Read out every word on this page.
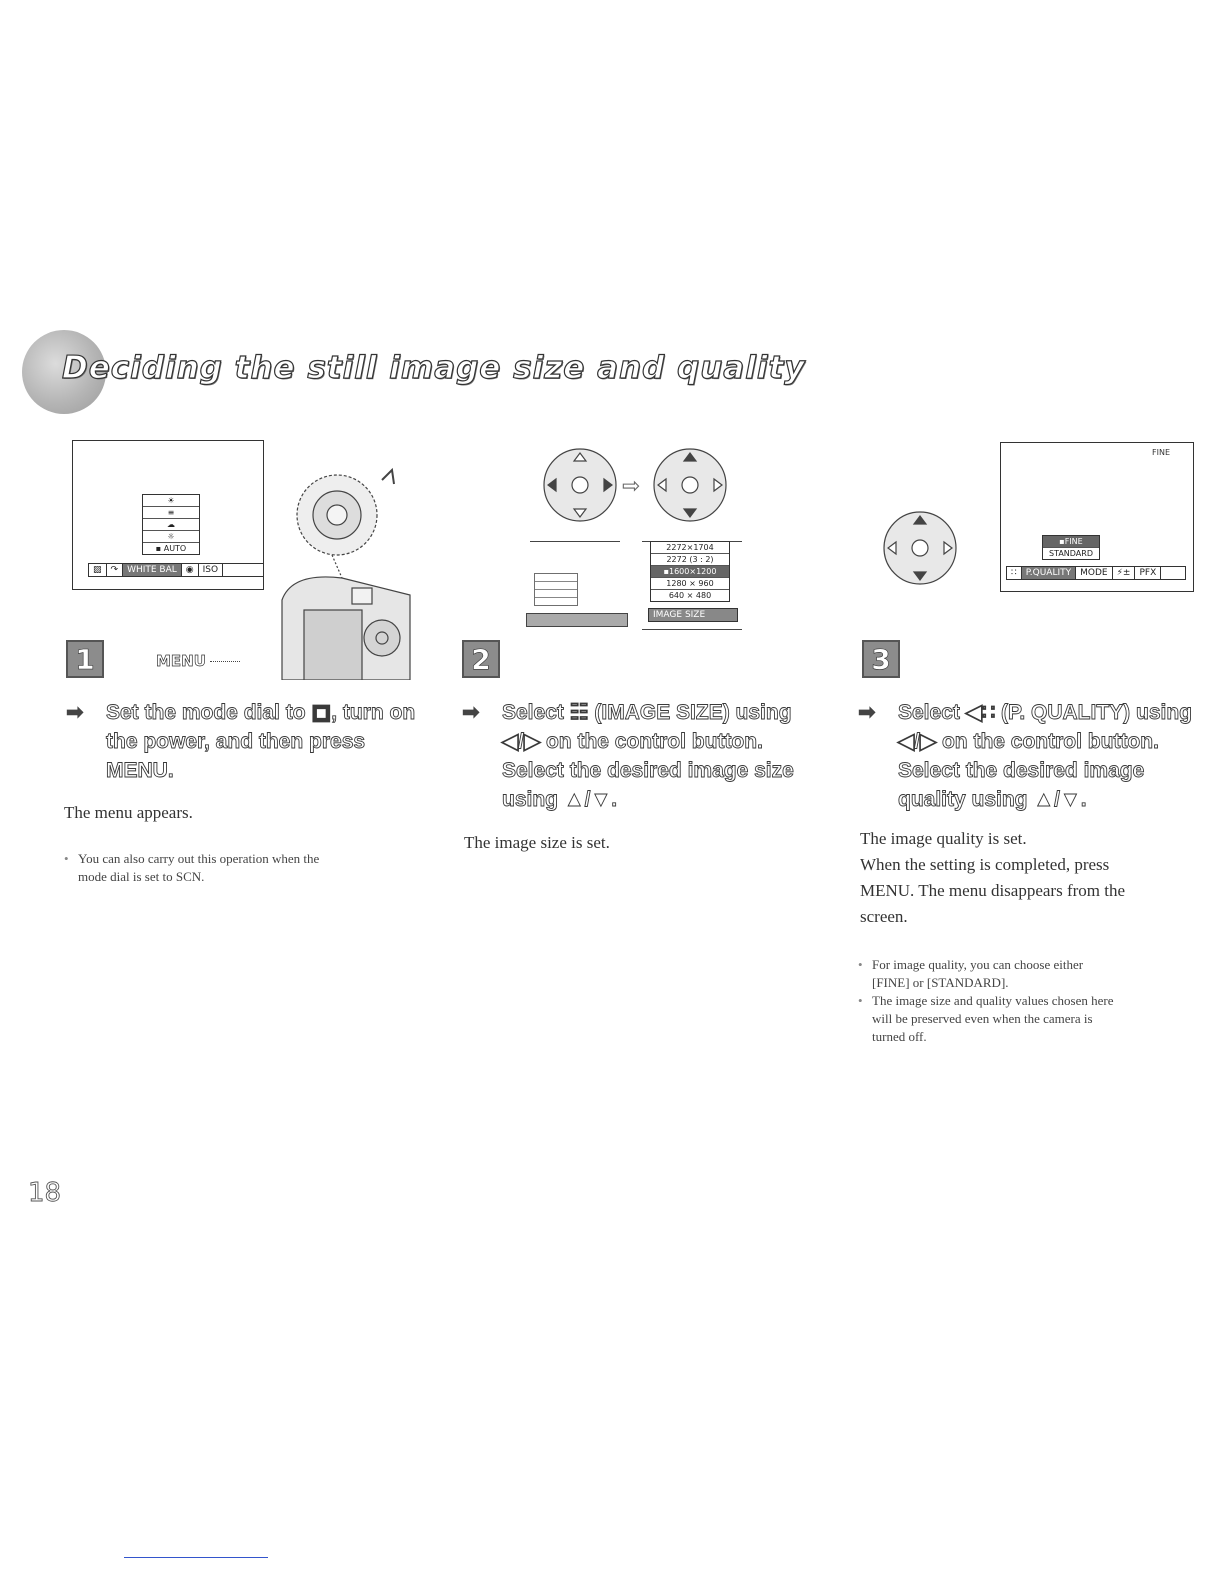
Deciding the still image size and quality
☀
≡
☁
☼
▪ AUTO
▨	↷	WHITE BAL	◉	ISO
MENU
⇨
2272×1704
2272 (3 : 2)
▪1600×1200
1280 × 960
640 × 480
IMAGE SIZE
FINE
▪FINE
STANDARD
∷	P.QUALITY	MODE	⚡±	PFX
1	2	3
➡ Set the mode dial to ▣, turn on
the power, and then press
MENU.
The menu appears.
• You can also carry out this operation when the
mode dial is set to SCN.
➡ Select ☷ (IMAGE SIZE) using
◀/▶ on the control button.
Select the desired image size
using ▲/▼.
The image size is set.
➡ Select ◀∷ (P. QUALITY) using
◀/▶ on the control button.
Select the desired image
quality using ▲/▼.
The image quality is set.
When the setting is completed, press
MENU. The menu disappears from the
screen.
• For image quality, you can choose either
[FINE] or [STANDARD].
• The image size and quality values chosen here
will be preserved even when the camera is
turned off.
18
